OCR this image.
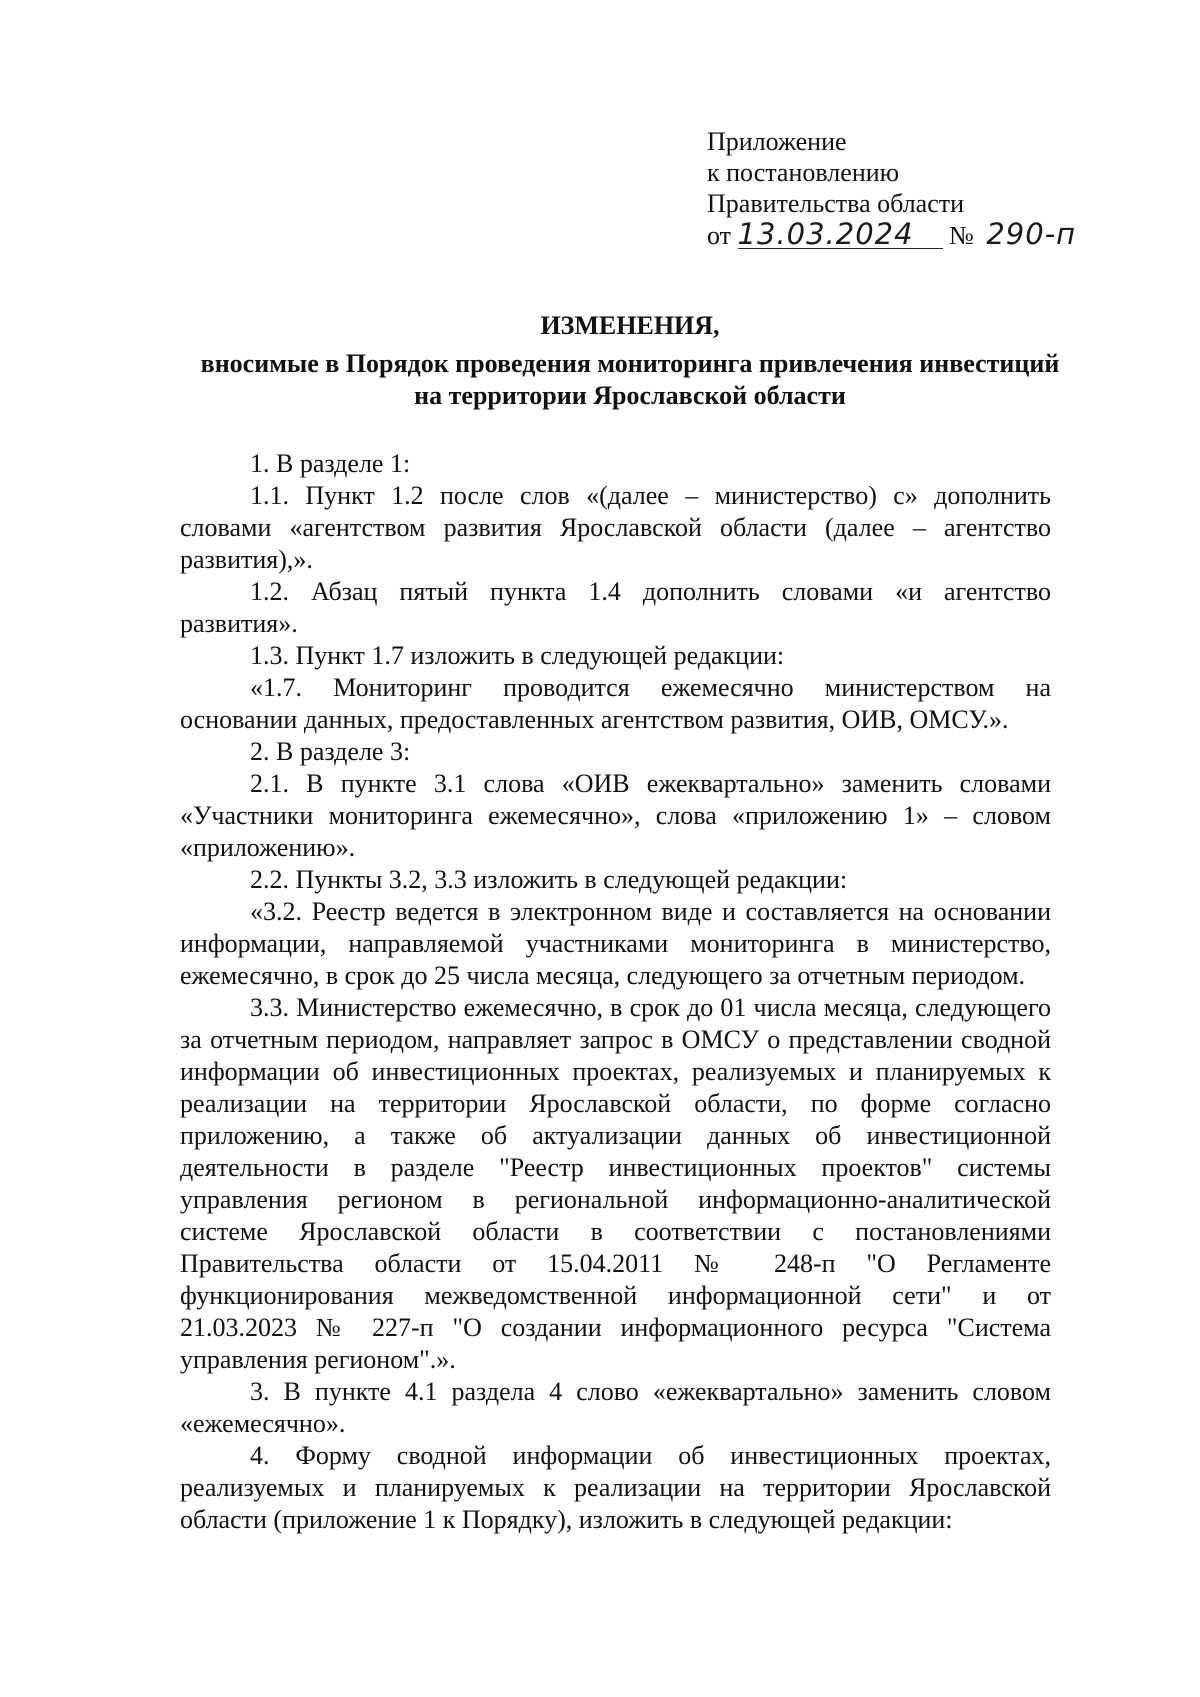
Приложение
к постановлению
Правительства области
от 13.03.2024 № 290-п
ИЗМЕНЕНИЯ,
вносимые в Порядок проведения мониторинга привлечения инвестиций
на территории Ярославской области

1. В разделе 1:

1.1. Пункт 1.2 после слов «(далее – министерство) с» дополнить словами «агентством развития Ярославской области (далее – агентство развития),».

1.2. Абзац пятый пункта 1.4 дополнить словами «и агентство развития».

1.3. Пункт 1.7 изложить в следующей редакции:

«1.7. Мониторинг проводится ежемесячно министерством на основании данных, предоставленных агентством развития, ОИВ, ОМСУ.».

2. В разделе 3:

2.1. В пункте 3.1 слова «ОИВ ежеквартально» заменить словами «Участники мониторинга ежемесячно», слова «приложению 1» – словом «приложению».

2.2. Пункты 3.2, 3.3 изложить в следующей редакции:

«3.2. Реестр ведется в электронном виде и составляется на основании информации, направляемой участниками мониторинга в министерство, ежемесячно, в срок до 25 числа месяца, следующего за отчетным периодом.

3.3. Министерство ежемесячно, в срок до 01 числа месяца, следующего за отчетным периодом, направляет запрос в ОМСУ о представлении сводной информации об инвестиционных проектах, реализуемых и планируемых к реализации на территории Ярославской области, по форме согласно приложению, а также об актуализации данных об инвестиционной деятельности в разделе "Реестр инвестиционных проектов" системы управления регионом в региональной информационно-аналитической системе Ярославской области в соответствии с постановлениями Правительства области от 15.04.2011 № 248-п "О Регламенте функционирования межведомственной информационной сети" и от 21.03.2023 № 227-п "О создании информационного ресурса "Система управления регионом".».

3. В пункте 4.1 раздела 4 слово «ежеквартально» заменить словом «ежемесячно».

4. Форму сводной информации об инвестиционных проектах, реализуемых и планируемых к реализации на территории Ярославской области (приложение 1 к Порядку), изложить в следующей редакции:
